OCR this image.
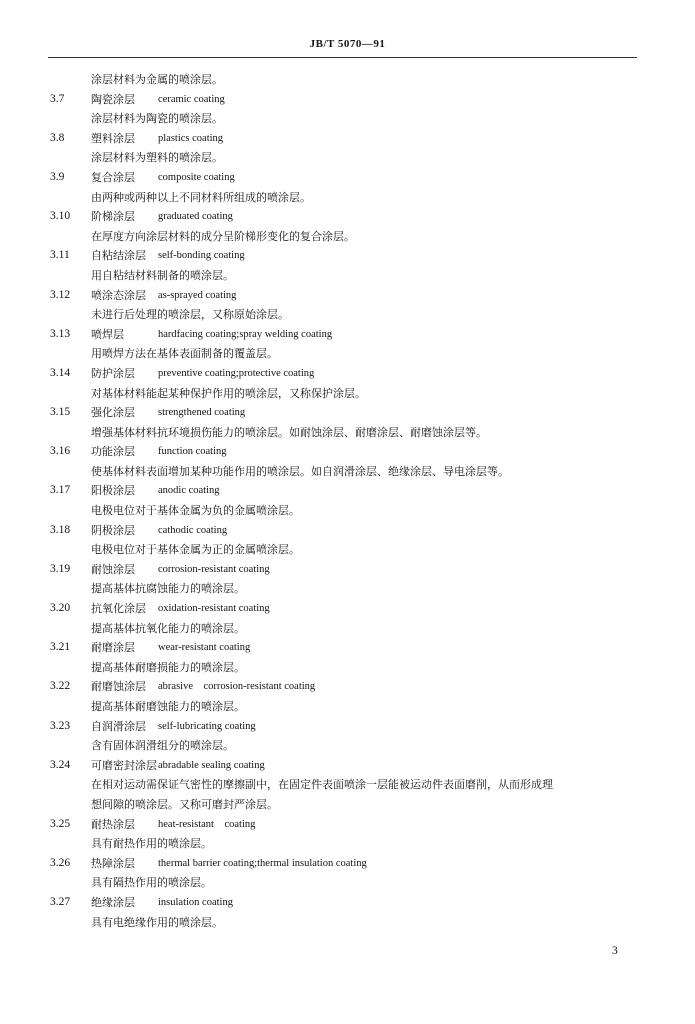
JB/T 5070—91
涂层材料为金属的喷涂层。
3.7 陶瓷涂层 ceramic coating
涂层材料为陶瓷的喷涂层。
3.8 塑料涂层 plastics coating
涂层材料为塑料的喷涂层。
3.9 复合涂层 composite coating
由两种或两种以上不同材料所组成的喷涂层。
3.10 阶梯涂层 graduated coating
在厚度方向涂层材料的成分呈阶梯形变化的复合涂层。
3.11 自粘结涂层 self-bonding coating
用自粘结材料制备的喷涂层。
3.12 喷涂态涂层 as-sprayed coating
未进行后处理的喷涂层，又称原始涂层。
3.13 喷焊层	hardfacing coating;spray welding coating
用喷焊方法在基体表面制备的覆盖层。
3.14 防护涂层 preventive coating;protective coating
对基体材料能起某种保护作用的喷涂层，又称保护涂层。
3.15 强化涂层 strengthened coating
增强基体材料抗环境损伤能力的喷涂层。如耐蚀涂层、耐磨涂层、耐磨蚀涂层等。
3.16 功能涂层 function coating
使基体材料表面增加某种功能作用的喷涂层。如自润滑涂层、绝缘涂层、导电涂层等。
3.17 阳极涂层 anodic coating
电极电位对于基体金属为负的金属喷涂层。
3.18 阴极涂层 cathodic coating
电极电位对于基体金属为正的金属喷涂层。
3.19 耐蚀涂层 corrosion-resistant coating
提高基体抗腐蚀能力的喷涂层。
3.20 抗氧化涂层 oxidation-resistant coating
提高基体抗氧化能力的喷涂层。
3.21 耐磨涂层 wear-resistant coating
提高基体耐磨损能力的喷涂层。
3.22 耐磨蚀涂层 abrasive    corrosion-resistant coating
提高基体耐磨蚀能力的喷涂层。
3.23 自润滑涂层 self-lubricating coating
含有固体润滑组分的喷涂层。
3.24 可磨密封涂层 abradable sealing coating
在相对运动需保证气密性的摩擦副中，在固定件表面喷涂一层能被运动件表面磨削，从而形成理
想间隙的喷涂层。又称可磨封严涂层。
3.25 耐热涂层 heat-resistant    coating
具有耐热作用的喷涂层。
3.26 热障涂层 thermal barrier coating;thermal insulation coating
具有隔热作用的喷涂层。
3.27 绝缘涂层 insulation coating
具有电绝缘作用的喷涂层。
3
